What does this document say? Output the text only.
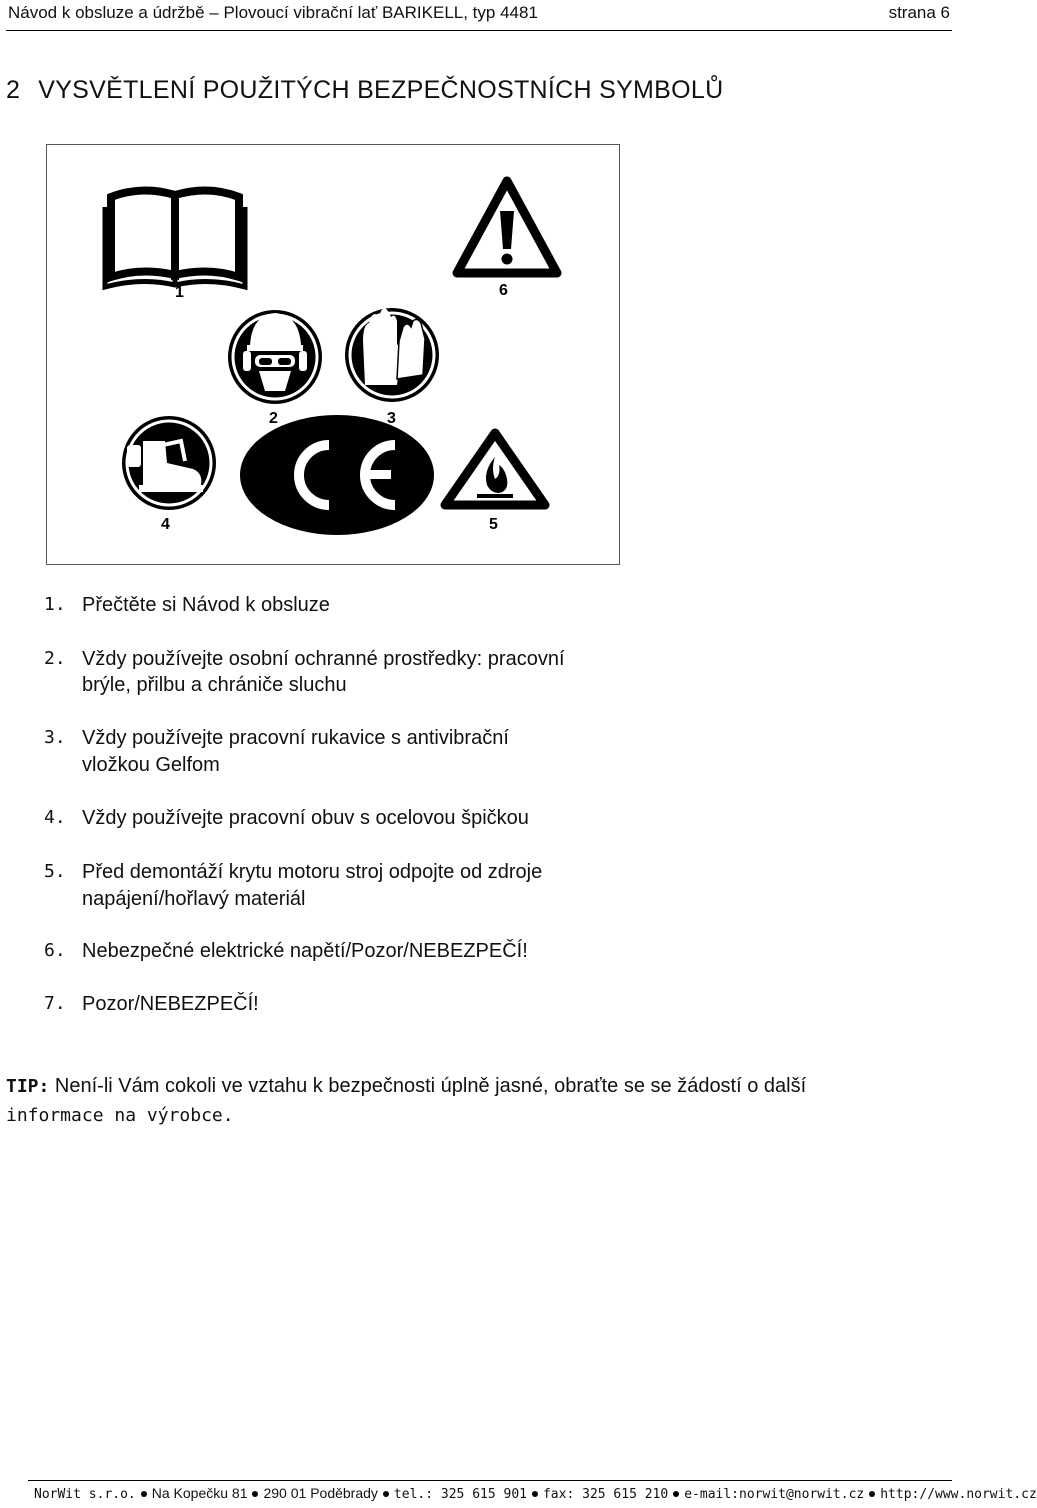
Návod k obsluze a údržbě – Plovoucí vibrační lať BARIKELL, typ 4481	strana 6
2 VYSVĚTLENÍ POUŽITÝCH BEZPEČNOSTNÍCH SYMBOLŮ
1	6
2	3
4	5
1. Přečtěte si Návod k obsluze
2. Vždy používejte osobní ochranné prostředky: pracovní
brýle, přilbu a chrániče sluchu
3. Vždy používejte pracovní rukavice s antivibrační
vložkou Gelfom
4. Vždy používejte pracovní obuv s ocelovou špičkou
5. Před demontáží krytu motoru stroj odpojte od zdroje
napájení/hořlavý materiál
6. Nebezpečné elektrické napětí/Pozor/NEBEZPEČÍ!
7. Pozor/NEBEZPEČÍ!
TIP: Není-li Vám cokoli ve vztahu k bezpečnosti úplně jasné, obraťte se se žádostí o další
informace na výrobce.
NorWit s.r.o. Na Kopečku 81 290 01 Poděbrady tel.: 325 615 901 fax: 325 615 210 e-mail:norwit@norwit.cz http://www.norwit.cz
